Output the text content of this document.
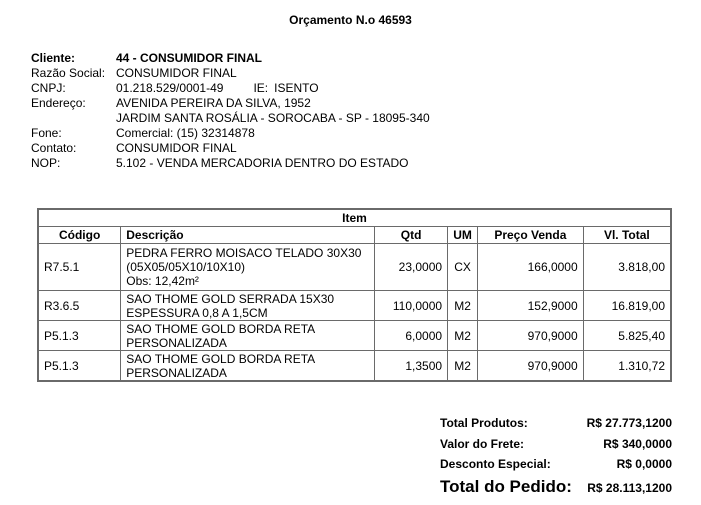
Orçamento N.o 46593
Cliente:	44 - CONSUMIDOR FINAL
Razão Social: CONSUMIDOR FINAL
CNPJ:	01.218.529/0001-49	IE: ISENTO
Endereço:	AVENIDA PEREIRA DA SILVA, 1952
JARDIM SANTA ROSÁLIA - SOROCABA - SP - 18095-340
Fone:	Comercial: (15) 32314878
Contato:	CONSUMIDOR FINAL
NOP:	5.102 - VENDA MERCADORIA DENTRO DO ESTADO
Item					
Código	Descrição	Qtd	UM	Preço Venda	Vl. Total
R7.5.1	PEDRA FERRO MOISACO TELADO 30X30
(05X05/05X10/10X10)
Obs: 12,42m²	23,0000	CX	166,0000	3.818,00
R3.6.5	SAO THOME GOLD SERRADA 15X30
ESPESSURA 0,8 A 1,5CM	110,0000	M2	152,9000	16.819,00
P5.1.3	SAO THOME GOLD BORDA RETA
PERSONALIZADA	6,0000	M2	970,9000	5.825,40
P5.1.3	SAO THOME GOLD BORDA RETA
PERSONALIZADA	1,3500	M2	970,9000	1.310,72
Total Produtos:	R$ 27.773,1200
Valor do Frete:	R$ 340,0000
Desconto Especial:	R$ 0,0000
Total do Pedido: R$ 28.113,1200
